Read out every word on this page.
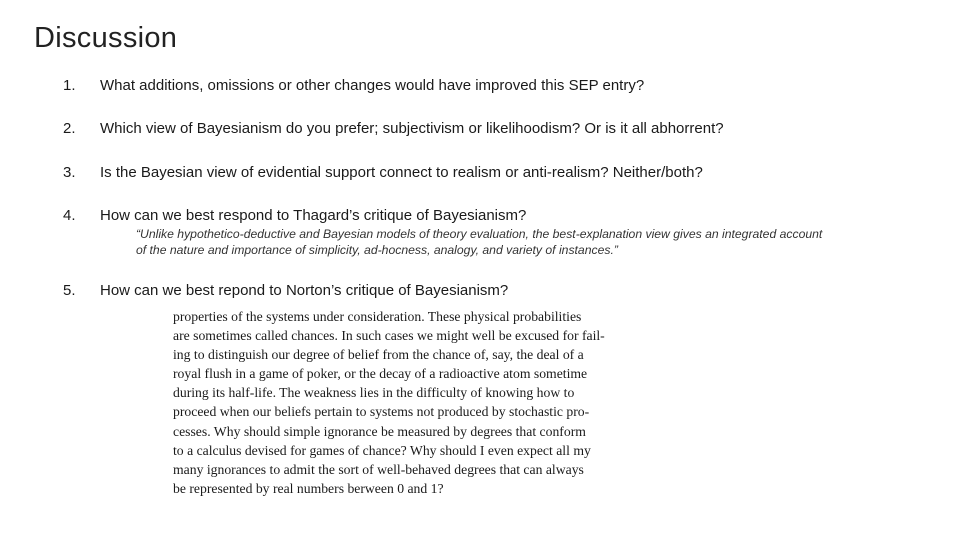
Discussion
1. What additions, omissions or other changes would have improved this SEP entry?
2. Which view of Bayesianism do you prefer; subjectivism or likelihoodism? Or is it all abhorrent?
3. Is the Bayesian view of evidential support connect to realism or anti-realism? Neither/both?
4. How can we best respond to Thagard’s critique of Bayesianism?
“Unlike hypothetico-deductive and Bayesian models of theory evaluation, the best-explanation view gives an integrated account
of the nature and importance of simplicity, ad-hocness, analogy, and variety of instances.”
5. How can we best repond to Norton’s critique of Bayesianism?
properties of the systems under consideration. These physical probabilities
are sometimes called chances. In such cases we might well be excused for fail-
ing to distinguish our degree of belief from the chance of, say, the deal of a
royal flush in a game of poker, or the decay of a radioactive atom sometime
during its half-life. The weakness lies in the difficulty of knowing how to
proceed when our beliefs pertain to systems not produced by stochastic pro-
cesses. Why should simple ignorance be measured by degrees that conform
to a calculus devised for games of chance? Why should I even expect all my
many ignorances to admit the sort of well-behaved degrees that can always
be represented by real numbers berween 0 and 1?
